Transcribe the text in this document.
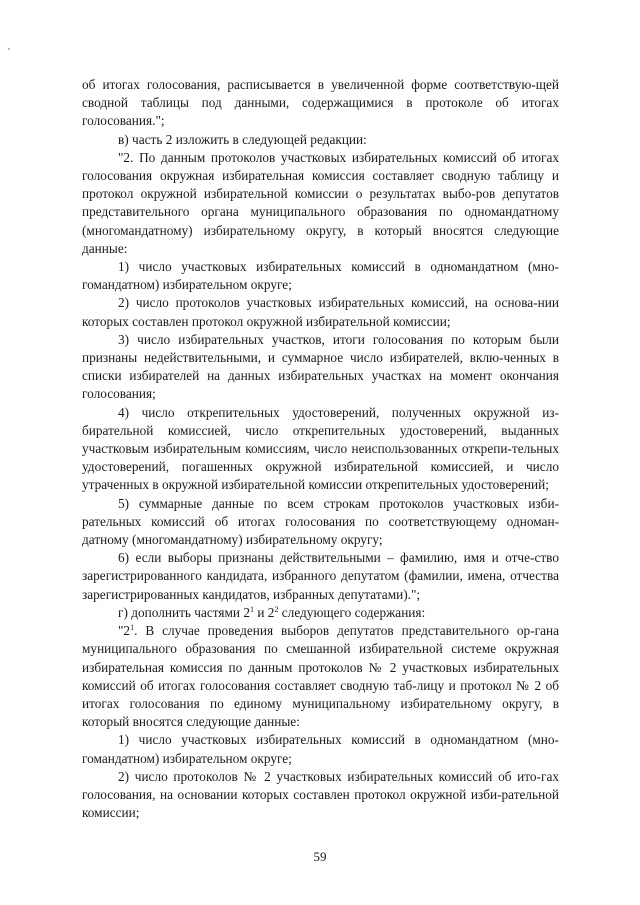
об итогах голосования, расписывается в увеличенной форме соответствую-щей сводной таблицы под данными, содержащимися в протоколе об итогах голосования.";

в) часть 2 изложить в следующей редакции:

"2. По данным протоколов участковых избирательных комиссий об итогах голосования окружная избирательная комиссия составляет сводную таблицу и протокол окружной избирательной комиссии о результатах выбо-ров депутатов представительного органа муниципального образования по одномандатному (многомандатному) избирательному округу, в который вносятся следующие данные:

1) число участковых избирательных комиссий в одномандатном (мно-гомандатном) избирательном округе;

2) число протоколов участковых избирательных комиссий, на основа-нии которых составлен протокол окружной избирательной комиссии;

3) число избирательных участков, итоги голосования по которым были признаны недействительными, и суммарное число избирателей, вклю-ченных в списки избирателей на данных избирательных участках на момент окончания голосования;

4) число открепительных удостоверений, полученных окружной из-бирательной комиссией, число открепительных удостоверений, выданных участковым избирательным комиссиям, число неиспользованных открепи-тельных удостоверений, погашенных окружной избирательной комиссией, и число утраченных в окружной избирательной комиссии открепительных удостоверений;

5) суммарные данные по всем строкам протоколов участковых изби-рательных комиссий об итогах голосования по соответствующему одноман-датному (многомандатному) избирательному округу;

6) если выборы признаны действительными – фамилию, имя и отче-ство зарегистрированного кандидата, избранного депутатом (фамилии, имена, отчества зарегистрированных кандидатов, избранных депутатами).";

г) дополнить частями $2^1$ и $2^2$ следующего содержания:

"$2^1$. В случае проведения выборов депутатов представительного ор-гана муниципального образования по смешанной избирательной системе окружная избирательная комиссия по данным протоколов № 2 участковых избирательных комиссий об итогах голосования составляет сводную таб-лицу и протокол № 2 об итогах голосования по единому муниципальному избирательному округу, в который вносятся следующие данные:

1) число участковых избирательных комиссий в одномандатном (мно-гомандатном) избирательном округе;

2) число протоколов № 2 участковых избирательных комиссий об ито-гах голосования, на основании которых составлен протокол окружной изби-рательной комиссии;

59
